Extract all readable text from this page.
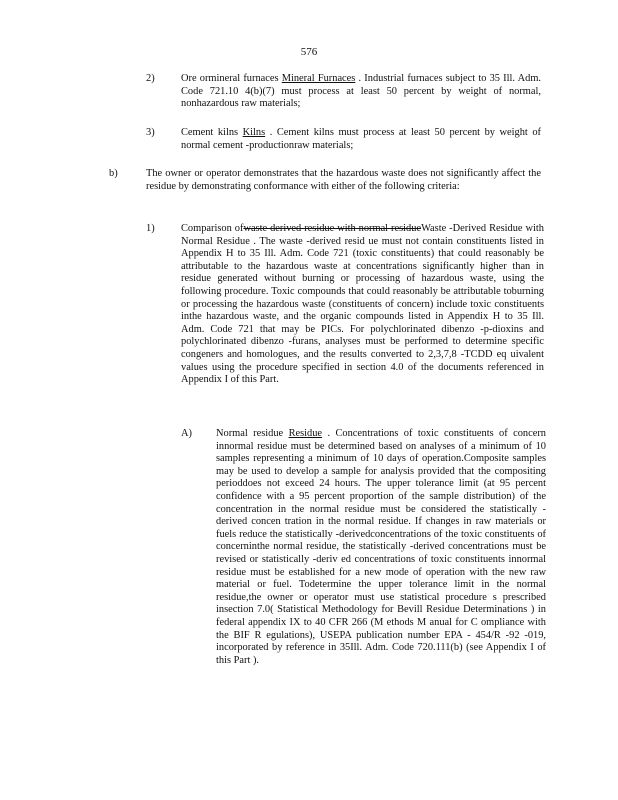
576
2)	Ore ormineral furnaces Mineral Furnaces . Industrial furnaces subject to 35 Ill. Adm. Code 721.10 4(b)(7) must process at least 50 percent by weight of normal, nonhazardous raw materials;
3)	Cement kilns Kilns . Cement kilns must process at least 50 percent by weight of normal cement -productionraw materials;
b)	The owner or operator demonstrates that the hazardous waste does not significantly affect the residue by demonstrating conformance with either of the following criteria:
1)	Comparison ofwaste derived residue with normal residueWaste -Derived Residue with Normal Residue . The waste -derived resid ue must not contain constituents listed in Appendix H to 35 Ill. Adm. Code 721 (toxic constituents) that could reasonably be attributable to the hazardous waste at concentrations significantly higher than in residue generated without burning or processing of hazardous waste, using the following procedure. Toxic compounds that could reasonably be attributable toburning or processing the hazardous waste (constituents of concern) include toxic constituents inthe hazardous waste, and the organic compounds listed in Appendix H to 35 Ill. Adm. Code 721 that may be PICs. For polychlorinated dibenzo -p-dioxins and polychlorinated dibenzo -furans, analyses must be performed to determine specific congeners and homologues, and the results converted to 2,3,7,8 -TCDD eq uivalent values using the procedure specified in section 4.0 of the documents referenced in Appendix I of this Part.
A) Normal residue Residue . Concentrations of toxic constituents of concern innormal residue must be determined based on analyses of a minimum of 10 samples representing a minimum of 10 days of operation.Composite samples may be used to develop a sample for analysis provided that the compositing perioddoes not exceed 24 hours. The upper tolerance limit (at 95 percent confidence with a 95 percent proportion of the sample distribution) of the concentration in the normal residue must be considered the statistically -derived concen tration in the normal residue. If changes in raw materials or fuels reduce the statistically -derivedconcentrations of the toxic constituents of concerninthe normal residue, the statistically -derived concentrations must be revised or statistically -deriv ed concentrations of toxic constituents innormal residue must be established for a new mode of operation with the new raw material or fuel. Todetermine the upper tolerance limit in the normal residue,the owner or operator must use statistical procedure s prescribed insection 7.0( Statistical Methodology for Bevill Residue Determinations ) in federal appendix IX to 40 CFR 266 (M ethods M anual for C ompliance with the BIF R egulations), USEPA publication number EPA - 454/R -92 -019, incorporated by reference in 35Ill. Adm. Code 720.111(b) (see Appendix I of this Part ).
